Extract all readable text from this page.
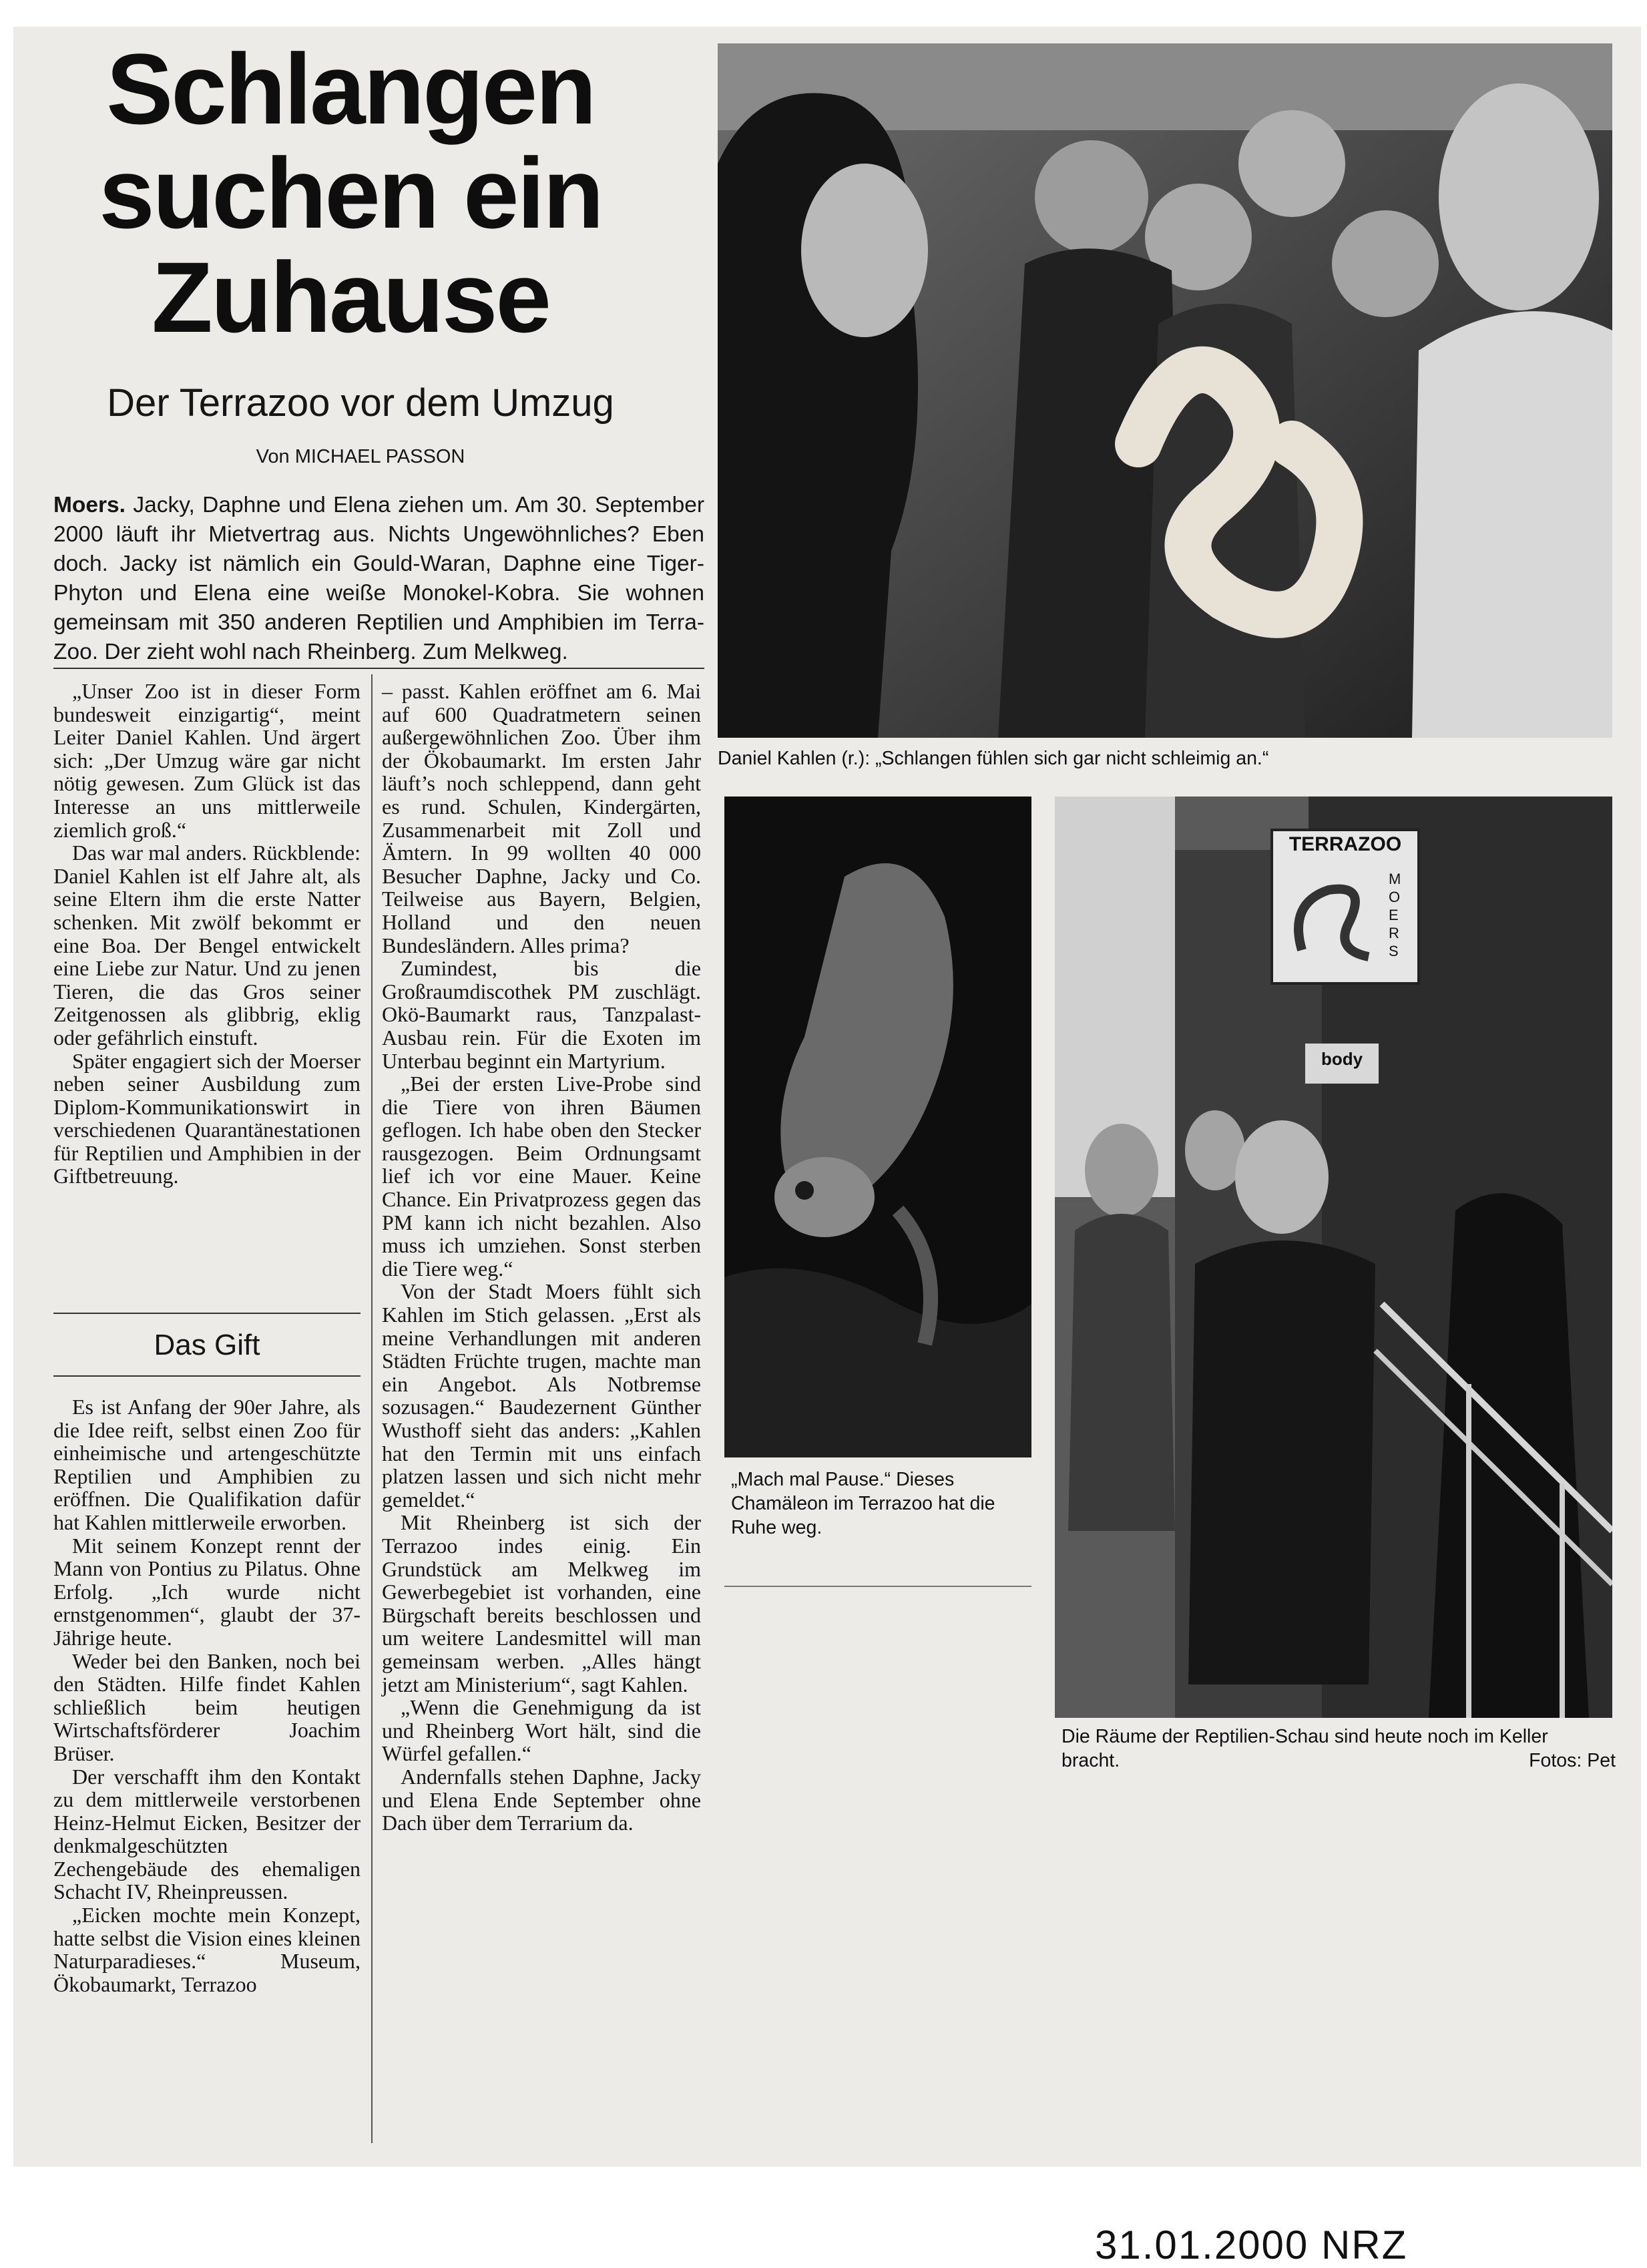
Schlangen
suchen ein
Zuhause
Der Terrazoo vor dem Umzug
Von MICHAEL PASSON
Moers. Jacky, Daphne und Elena ziehen um. Am 30. September 2000 läuft ihr Mietvertrag aus. Nichts Ungewöhnliches? Eben doch. Jacky ist nämlich ein Gould-Waran, Daphne eine Tiger-Phyton und Elena eine weiße Monokel-Kobra. Sie wohnen gemeinsam mit 350 anderen Reptilien und Amphibien im Terra-Zoo. Der zieht wohl nach Rheinberg. Zum Melkweg.

„Unser Zoo ist in dieser Form bundesweit einzigartig“, meint Leiter Daniel Kahlen. Und ärgert sich: „Der Umzug wäre gar nicht nötig gewesen. Zum Glück ist das Interesse an uns mittlerweile ziemlich groß.“

Das war mal anders. Rückblende: Daniel Kahlen ist elf Jahre alt, als seine Eltern ihm die erste Natter schenken. Mit zwölf bekommt er eine Boa. Der Bengel entwickelt eine Liebe zur Natur. Und zu jenen Tieren, die das Gros seiner Zeitgenossen als glibbrig, eklig oder gefährlich einstuft.

Später engagiert sich der Moerser neben seiner Ausbildung zum Diplom-Kommunikationswirt in verschiedenen Quarantänestationen für Reptilien und Amphibien in der Giftbetreuung.

Das Gift

Es ist Anfang der 90er Jahre, als die Idee reift, selbst einen Zoo für einheimische und artengeschützte Reptilien und Amphibien zu eröffnen. Die Qualifikation dafür hat Kahlen mittlerweile erworben.

Mit seinem Konzept rennt der Mann von Pontius zu Pilatus. Ohne Erfolg. „Ich wurde nicht ernstgenommen“, glaubt der 37-Jährige heute.

Weder bei den Banken, noch bei den Städten. Hilfe findet Kahlen schließlich beim heutigen Wirtschaftsförderer Joachim Brüser.

Der verschafft ihm den Kontakt zu dem mittlerweile verstorbenen Heinz-Helmut Eicken, Besitzer der denkmalgeschützten Zechengebäude des ehemaligen Schacht IV, Rheinpreussen.

„Eicken mochte mein Konzept, hatte selbst die Vision eines kleinen Naturparadieses.“ Museum, Ökobaumarkt, Terrazoo

– passt. Kahlen eröffnet am 6. Mai auf 600 Quadratmetern seinen außergewöhnlichen Zoo. Über ihm der Ökobaumarkt. Im ersten Jahr läuft’s noch schleppend, dann geht es rund. Schulen, Kindergärten, Zusammenarbeit mit Zoll und Ämtern. In 99 wollten 40 000 Besucher Daphne, Jacky und Co. Teilweise aus Bayern, Belgien, Holland und den neuen Bundesländern. Alles prima?

Zumindest, bis die Großraumdiscothek PM zuschlägt. Okö-Baumarkt raus, Tanzpalast-Ausbau rein. Für die Exoten im Unterbau beginnt ein Martyrium.

„Bei der ersten Live-Probe sind die Tiere von ihren Bäumen geflogen. Ich habe oben den Stecker rausgezogen. Beim Ordnungsamt lief ich vor eine Mauer. Keine Chance. Ein Privatprozess gegen das PM kann ich nicht bezahlen. Also muss ich umziehen. Sonst sterben die Tiere weg.“

Von der Stadt Moers fühlt sich Kahlen im Stich gelassen. „Erst als meine Verhandlungen mit anderen Städten Früchte trugen, machte man ein Angebot. Als Notbremse sozusagen.“ Baudezernent Günther Wusthoff sieht das anders: „Kahlen hat den Termin mit uns einfach platzen lassen und sich nicht mehr gemeldet.“

Mit Rheinberg ist sich der Terrazoo indes einig. Ein Grundstück am Melkweg im Gewerbegebiet ist vorhanden, eine Bürgschaft bereits beschlossen und um weitere Landesmittel will man gemeinsam werben. „Alles hängt jetzt am Ministerium“, sagt Kahlen.

„Wenn die Genehmigung da ist und Rheinberg Wort hält, sind die Würfel gefallen.“

Andernfalls stehen Daphne, Jacky und Elena Ende September ohne Dach über dem Terrarium da.

Daniel Kahlen (r.): „Schlangen fühlen sich gar nicht schleimig an.“
„Mach mal Pause.“ Dieses Chamäleon im Terrazoo hat die Ruhe weg.
TERRAZOO
MOERS
body
Die Räume der Reptilien-Schau sind heute noch im Keller
bracht.	Fotos: Pet
31.01.2000 NRZ
